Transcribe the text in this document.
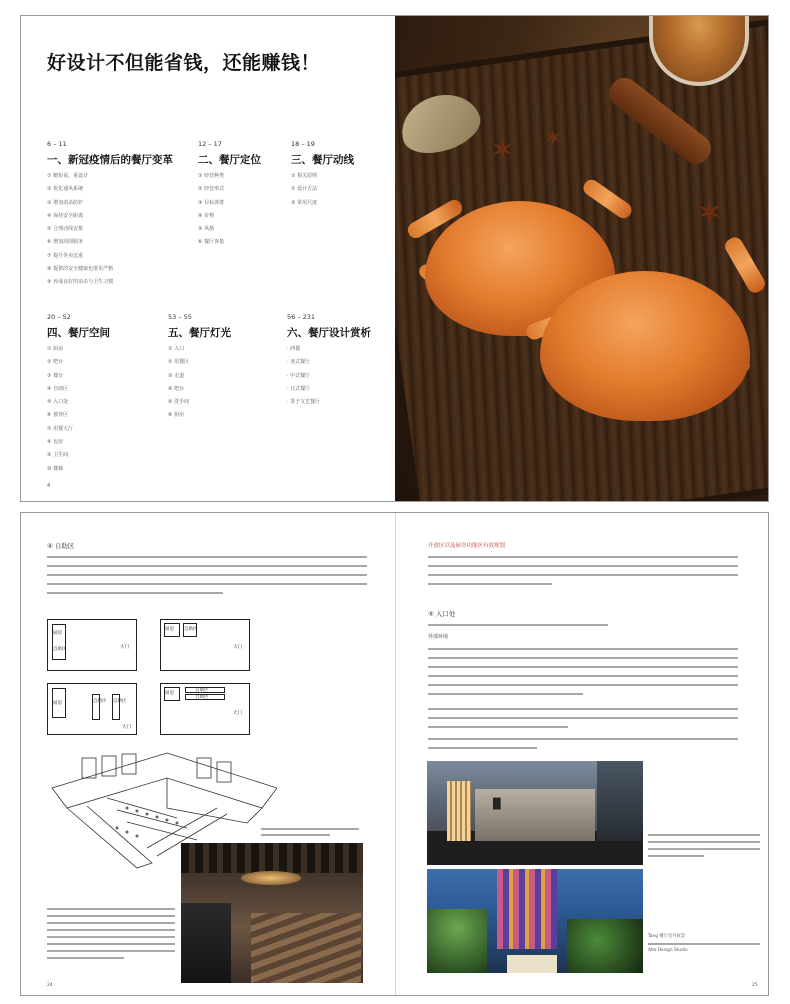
好设计不但能省钱，还能赚钱！
6 – 11
一、新冠疫情后的餐厅变革
① 缩短桌、重设计
② 优化通风系统
③ 增加消杀防护
④ 保持安全距离
⑤ 合理动线安排
⑥ 增加周围服务
⑦ 提升外卖比重
⑧ 提供的安全健康也要更严格
⑨ 养成良好的消杀与卫生习惯
12 – 17
二、餐厅定位
① 经营种类
② 经营形式
③ 目标客群
④ 价格
⑤ 风格
⑥ 餐厅客量
18 – 19
三、餐厅动线
① 相关原则
② 设计方法
③ 常用尺度
20 – 52
四、餐厅空间
① 厨房
② 吧台
③ 餐台
④ 自助区
⑤ 入口处
⑥ 接待区
⑦ 用餐大厅
⑧ 包房
⑨ 卫生间
⑩ 楼梯
53 – 55
五、餐厅灯光
① 入口
② 用餐区
③ 走道
④ 吧台
⑤ 洗手间
⑥ 厨房
56 – 231
六、餐厅设计赏析
· 西餐
· 亚式餐厅
· 中式餐厅
· 日式餐厅
· 茶子文艺餐厅
4
✶ ✶
✶
④ 自助区
厨房
自助区	大门
厨房 自助区
大门
厨房	自助区 自助区
大门
厨房
自助区
自助区
大门
24
开放区以及厨房功能区有效规划
⑤ 入口处
外部环境
▐▌
Tang 餐厅室外夜景
Atlo Design Studio
25
